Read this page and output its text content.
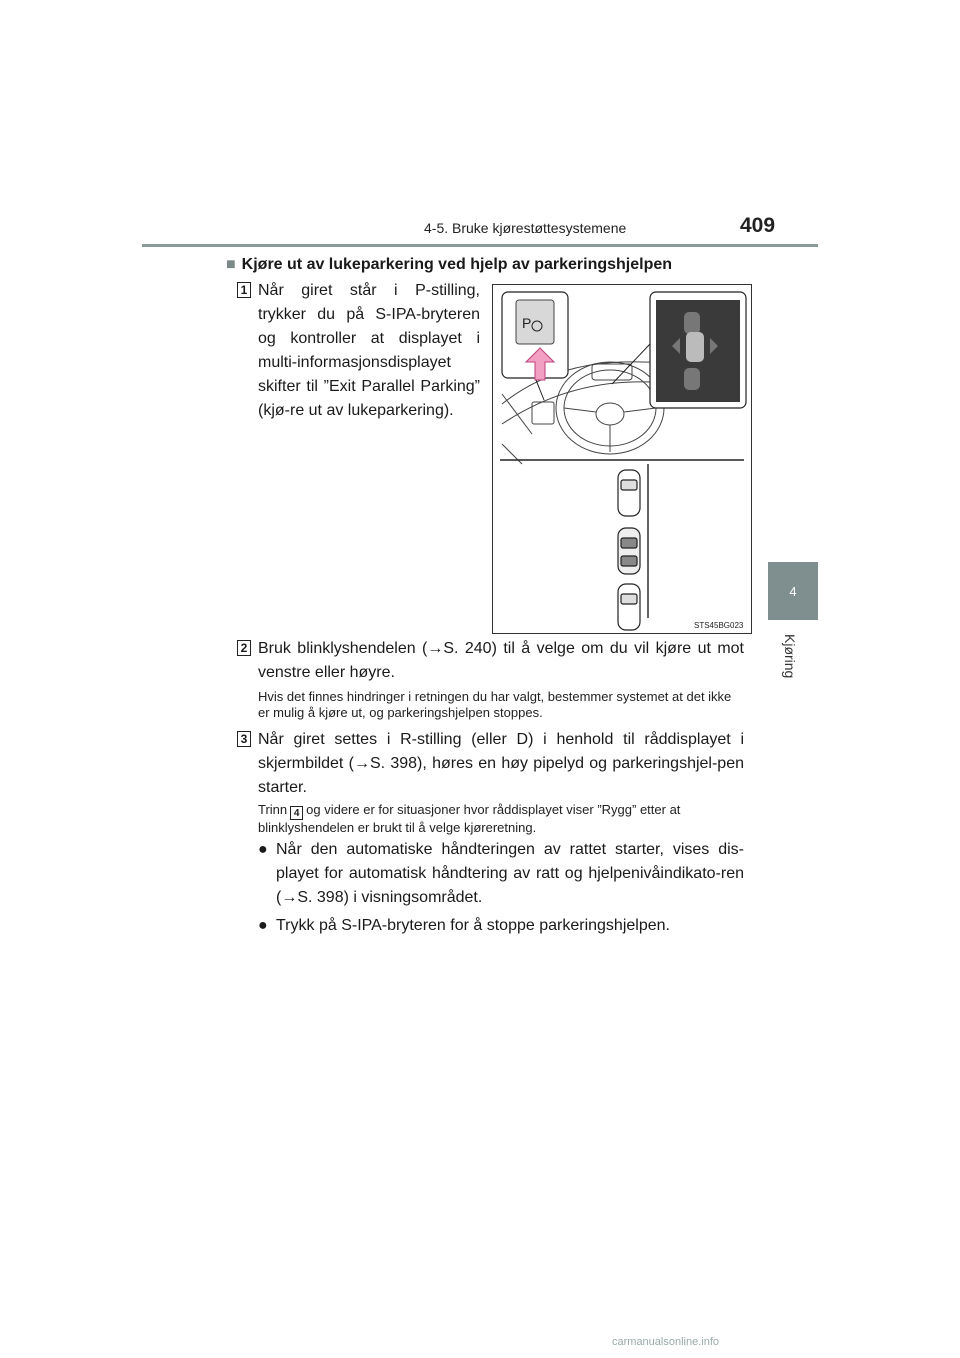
4-5. Bruke kjørestøttesystemene	409
4
Kjøring
■ Kjøre ut av lukeparkering ved hjelp av parkeringshjelpen
1 Når giret står i P-stilling, trykker du på S-IPA-bryteren og kontroller at displayet i multi-informasjonsdisplayet skifter til ”Exit Parallel Parking” (kjø-re ut av lukeparkering).
P
STS45BG023
2 Bruk blinklyshendelen (→S. 240) til å velge om du vil kjøre ut mot venstre eller høyre.
Hvis det finnes hindringer i retningen du har valgt, bestemmer systemet at det ikke er mulig å kjøre ut, og parkeringshjelpen stoppes.
3 Når giret settes i R-stilling (eller D) i henhold til råddisplayet i skjermbildet (→S. 398), høres en høy pipelyd og parkeringshjel-pen starter.
Trinn 4 og videre er for situasjoner hvor råddisplayet viser ”Rygg” etter at blinklyshendelen er brukt til å velge kjøreretning.
● Når den automatiske håndteringen av rattet starter, vises dis-playet for automatisk håndtering av ratt og hjelpenivåindikato-ren (→S. 398) i visningsområdet.
● Trykk på S-IPA-bryteren for å stoppe parkeringshjelpen.
carmanualsonline.info
